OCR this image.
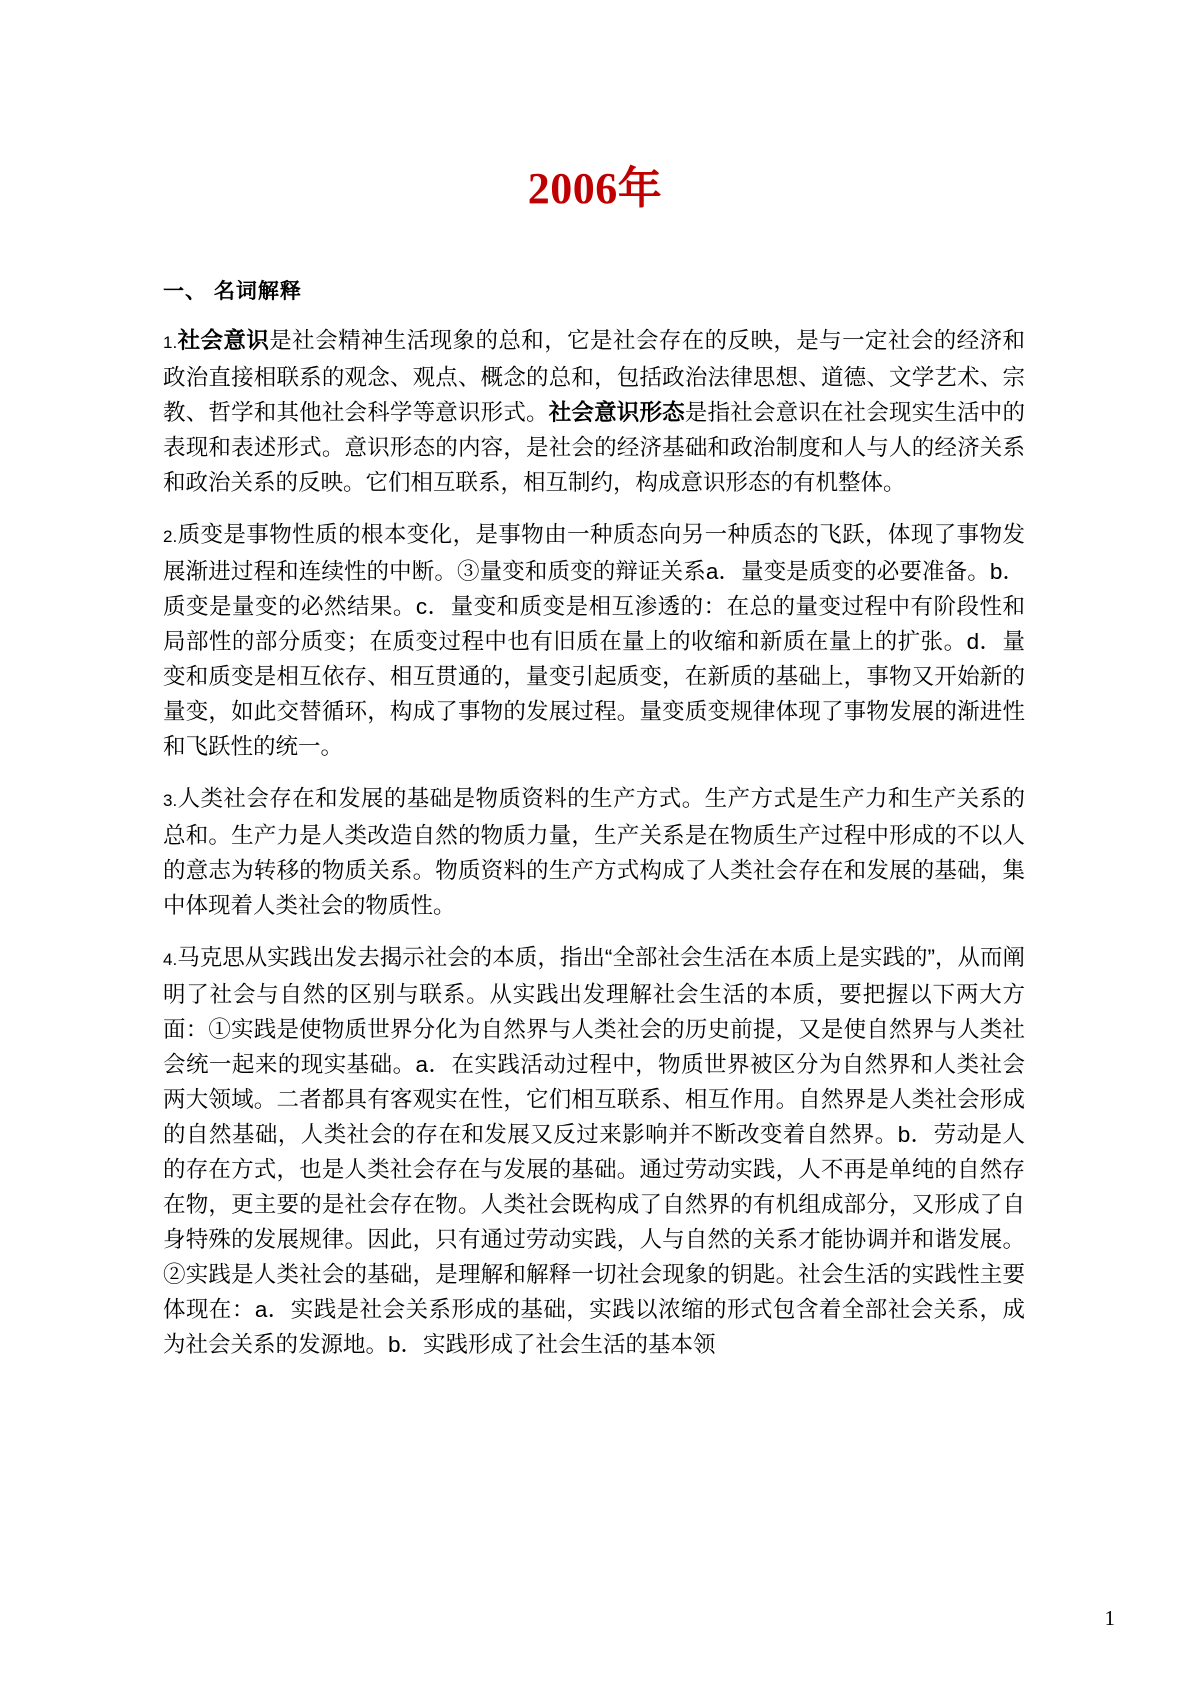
2006年
一、 名词解释

1.社会意识是社会精神生活现象的总和，它是社会存在的反映，是与一定社会的经济和政治直接相联系的观念、观点、概念的总和，包括政治法律思想、道德、文学艺术、宗教、哲学和其他社会科学等意识形式。社会意识形态是指社会意识在社会现实生活中的表现和表述形式。意识形态的内容，是社会的经济基础和政治制度和人与人的经济关系和政治关系的反映。它们相互联系，相互制约，构成意识形态的有机整体。

2.质变是事物性质的根本变化，是事物由一种质态向另一种质态的飞跃，体现了事物发展渐进过程和连续性的中断。③量变和质变的辩证关系a．量变是质变的必要准备。b．质变是量变的必然结果。c．量变和质变是相互渗透的：在总的量变过程中有阶段性和局部性的部分质变；在质变过程中也有旧质在量上的收缩和新质在量上的扩张。d．量变和质变是相互依存、相互贯通的，量变引起质变，在新质的基础上，事物又开始新的量变，如此交替循环，构成了事物的发展过程。量变质变规律体现了事物发展的渐进性和飞跃性的统一。

3.人类社会存在和发展的基础是物质资料的生产方式。生产方式是生产力和生产关系的总和。生产力是人类改造自然的物质力量，生产关系是在物质生产过程中形成的不以人的意志为转移的物质关系。物质资料的生产方式构成了人类社会存在和发展的基础，集中体现着人类社会的物质性。

4.马克思从实践出发去揭示社会的本质，指出“全部社会生活在本质上是实践的”，从而阐明了社会与自然的区别与联系。从实践出发理解社会生活的本质，要把握以下两大方面：①实践是使物质世界分化为自然界与人类社会的历史前提，又是使自然界与人类社会统一起来的现实基础。a．在实践活动过程中，物质世界被区分为自然界和人类社会两大领域。二者都具有客观实在性，它们相互联系、相互作用。自然界是人类社会形成的自然基础，人类社会的存在和发展又反过来影响并不断改变着自然界。b．劳动是人的存在方式，也是人类社会存在与发展的基础。通过劳动实践，人不再是单纯的自然存在物，更主要的是社会存在物。人类社会既构成了自然界的有机组成部分，又形成了自身特殊的发展规律。因此，只有通过劳动实践，人与自然的关系才能协调并和谐发展。②实践是人类社会的基础，是理解和解释一切社会现象的钥匙。社会生活的实践性主要体现在：a．实践是社会关系形成的基础，实践以浓缩的形式包含着全部社会关系，成为社会关系的发源地。b．实践形成了社会生活的基本领

1
